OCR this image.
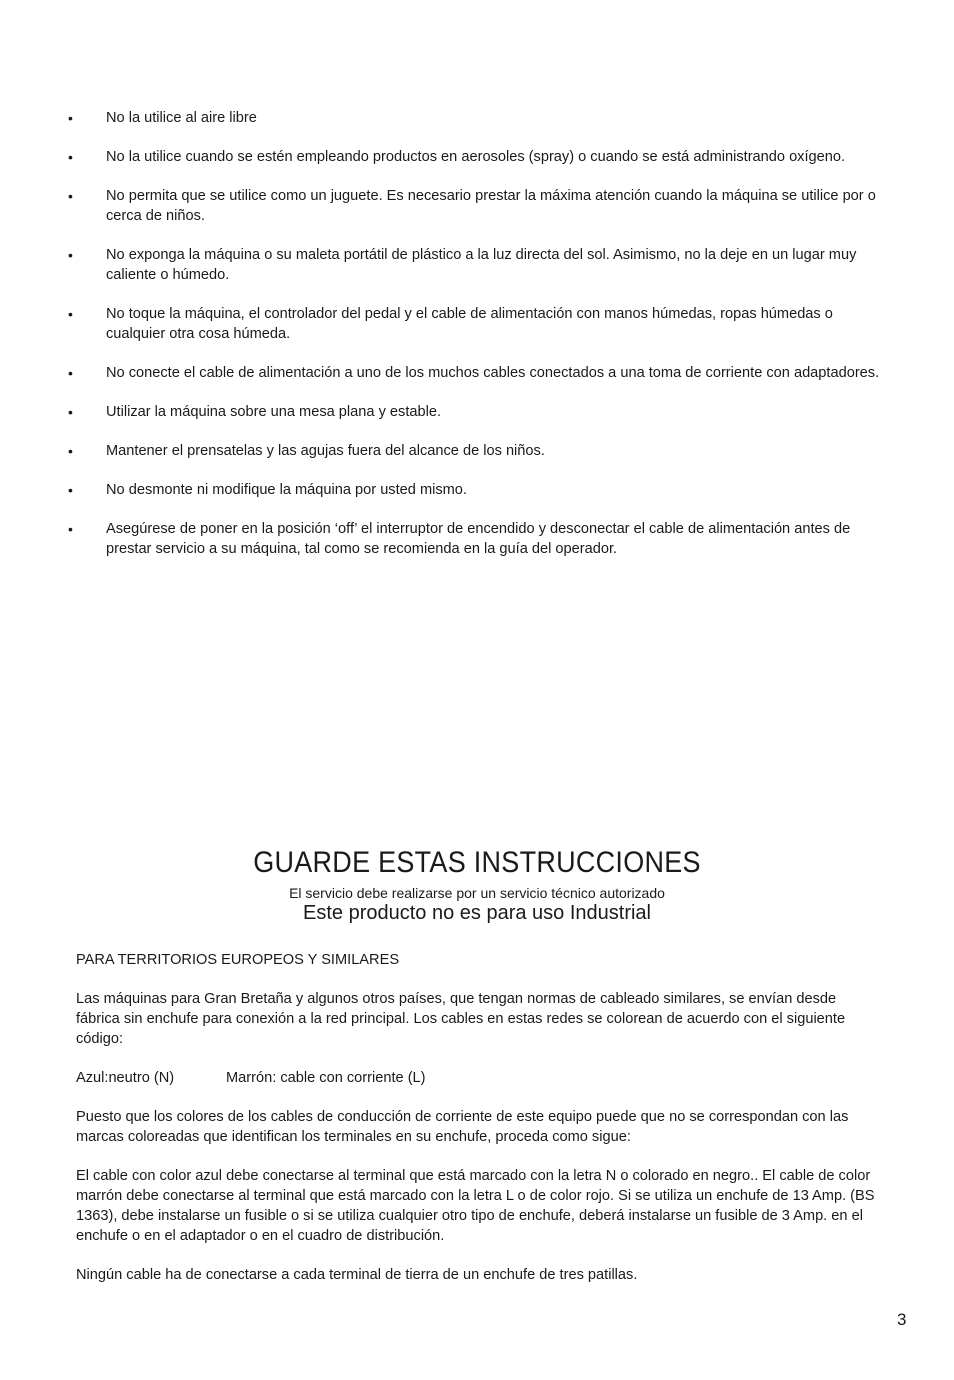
• No la utilice al aire libre
• No la utilice cuando se estén empleando productos en aerosoles (spray) o cuando se está administrando oxígeno.
• No permita que se utilice como un juguete. Es necesario prestar la máxima atención cuando la máquina se utilice por o cerca de niños.
• No exponga la máquina o su maleta portátil de plástico a la luz directa del sol. Asimismo, no la deje en un lugar muy caliente o húmedo.
• No toque la máquina, el controlador del pedal y el cable de alimentación con manos húmedas, ropas húmedas o cualquier otra cosa húmeda.
• No conecte el cable de alimentación a uno de los muchos cables conectados a una toma de corriente con adaptadores.
• Utilizar la máquina sobre una mesa plana y estable.
• Mantener el prensatelas y las agujas fuera del alcance de los niños.
• No desmonte ni modifique la máquina por usted mismo.
• Asegúrese de poner en la posición ‘off’ el interruptor de encendido y desconectar el cable de alimentación antes de prestar servicio a su máquina, tal como se recomienda en la guía del operador.
GUARDE ESTAS INSTRUCCIONES

El servicio debe realizarse por un servicio técnico autorizado

Este producto no es para uso Industrial

PARA TERRITORIOS EUROPEOS Y SIMILARES

Las máquinas para Gran Bretaña y algunos otros países, que tengan normas de cableado similares, se envían desde fábrica sin enchufe para conexión a la red principal. Los cables en estas redes se colorean de acuerdo con el siguiente código:

Azul:neutro (N)	Marrón: cable con corriente (L)

Puesto que los colores de los cables de conducción de corriente de este equipo puede que no se correspondan con las marcas coloreadas que identifican los terminales en su enchufe, proceda como sigue:

El cable con color azul debe conectarse al terminal que está marcado con la letra N o colorado en negro.. El cable de color marrón debe conectarse al terminal que está marcado con la letra L o de color rojo. Si se utiliza un enchufe de 13 Amp. (BS 1363), debe instalarse un fusible o si se utiliza cualquier otro tipo de enchufe, deberá instalarse un fusible de 3 Amp. en el enchufe o en el adaptador o en el cuadro de distribución.

Ningún cable ha de conectarse a cada terminal de tierra de un enchufe de tres patillas.

3
